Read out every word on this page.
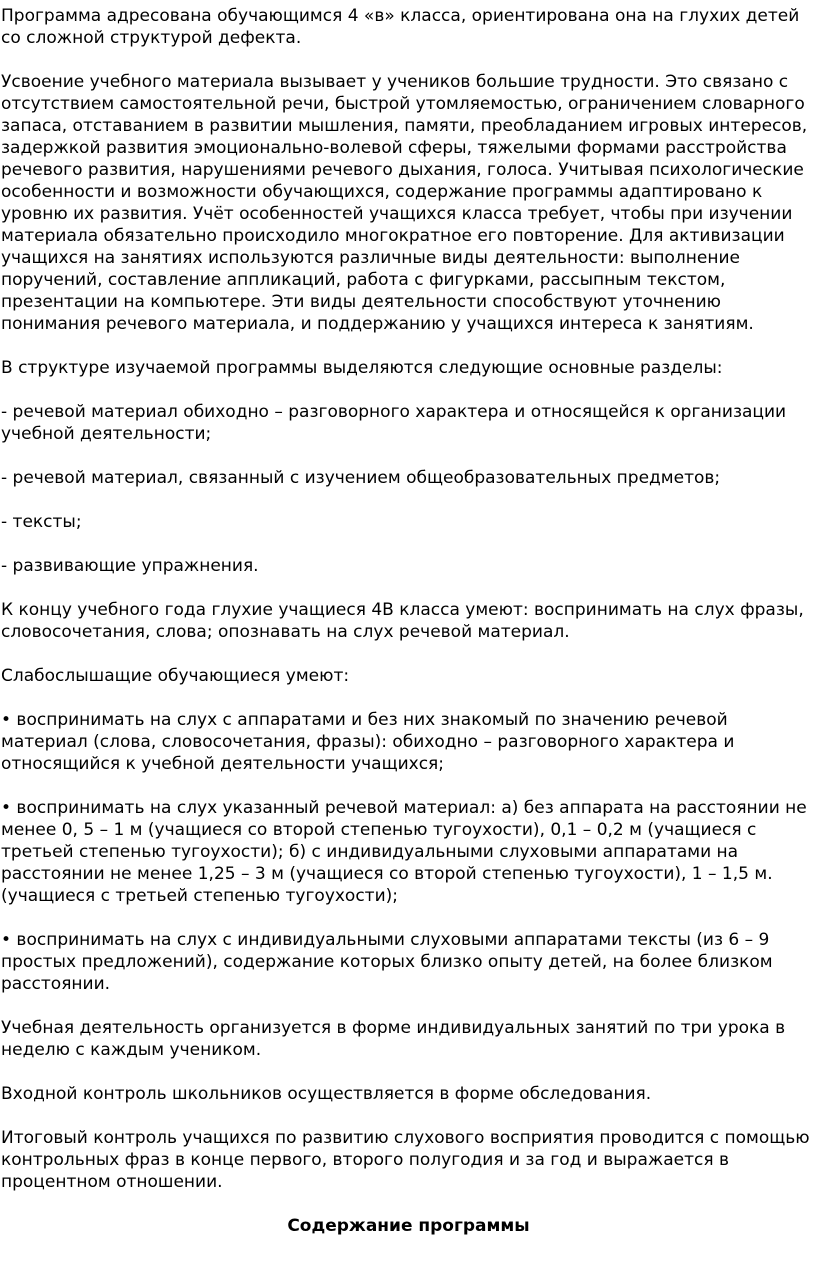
Программа адресована обучающимся 4 «в» класса, ориентирована она на глухих детей со сложной структурой дефекта.

Усвоение учебного материала вызывает у учеников большие трудности. Это связано с отсутствием самостоятельной речи, быстрой утомляемостью, ограничением словарного запаса, отставанием в развитии мышления, памяти, преобладанием игровых интересов, задержкой развития эмоционально-волевой сферы, тяжелыми формами расстройства речевого развития, нарушениями речевого дыхания, голоса. Учитывая психологические особенности и возможности обучающихся, содержание программы адаптировано к уровню их развития. Учёт особенностей учащихся класса требует, чтобы при изучении материала обязательно происходило многократное его повторение. Для активизации учащихся на занятиях используются различные виды деятельности: выполнение поручений, составление аппликаций, работа с фигурками, рассыпным текстом, презентации на компьютере. Эти виды деятельности способствуют уточнению понимания речевого материала, и поддержанию у учащихся интереса к занятиям.

В структуре изучаемой программы выделяются следующие основные разделы:

- речевой материал обиходно – разговорного характера и относящейся к организации учебной деятельности;

- речевой материал, связанный с изучением общеобразовательных предметов;

- тексты;

- развивающие упражнения.

К концу учебного года глухие учащиеся 4В класса умеют: воспринимать на слух фразы, словосочетания, слова; опознавать на слух речевой материал.

Слабослышащие обучающиеся умеют:

• воспринимать на слух с аппаратами и без них знакомый по значению речевой материал (слова, словосочетания, фразы): обиходно – разговорного характера и относящийся к учебной деятельности учащихся;

• воспринимать на слух указанный речевой материал: а) без аппарата на расстоянии не менее 0, 5 – 1 м (учащиеся со второй степенью тугоухости), 0,1 – 0,2 м (учащиеся с третьей степенью тугоухости); б) с индивидуальными слуховыми аппаратами на расстоянии не менее 1,25 – 3 м (учащиеся со второй степенью тугоухости), 1 – 1,5 м. (учащиеся с третьей степенью тугоухости);

• воспринимать на слух с индивидуальными слуховыми аппаратами тексты (из 6 – 9 простых предложений), содержание которых близко опыту детей, на более близком расстоянии.

Учебная деятельность организуется в форме индивидуальных занятий по три урока в неделю с каждым учеником.

Входной контроль школьников осуществляется в форме обследования.

Итоговый контроль учащихся по развитию слухового восприятия проводится с помощью контрольных фраз в конце первого, второго полугодия и за год и выражается в процентном отношении.

Содержание программы
